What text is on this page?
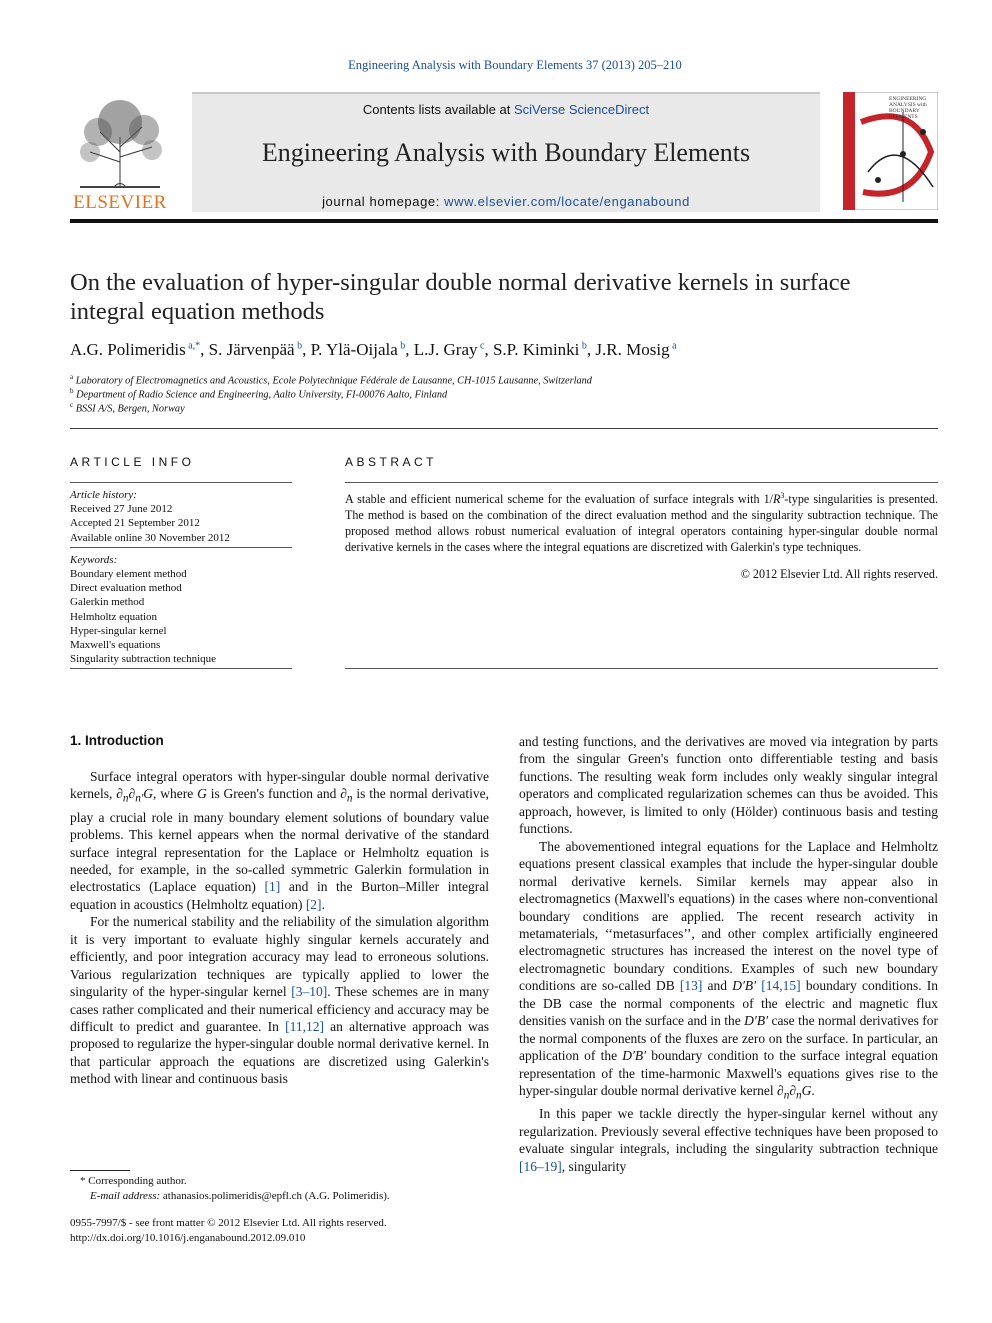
Engineering Analysis with Boundary Elements 37 (2013) 205–210
ELSEVIER
Contents lists available at SciVerse ScienceDirect
Engineering Analysis with Boundary Elements
journal homepage: www.elsevier.com/locate/enganabound
ENGINEERING
ANALYSIS with
BOUNDARY
ELEMENTS
On the evaluation of hyper-singular double normal derivative kernels in surface integral equation methods
A.G. Polimeridis $^{a,*}$, S. Järvenpää $^b$, P. Ylä-Oijala $^b$, L.J. Gray $^c$, S.P. Kiminki $^b$, J.R. Mosig $^a$
$^a$ Laboratory of Electromagnetics and Acoustics, Ecole Polytechnique Fédérale de Lausanne, CH-1015 Lausanne, Switzerland
$^b$ Department of Radio Science and Engineering, Aalto University, FI-00076 Aalto, Finland
$^c$ BSSI A/S, Bergen, Norway
ARTICLE INFO
Article history:
Received 27 June 2012
Accepted 21 September 2012
Available online 30 November 2012
Keywords:
Boundary element method
Direct evaluation method
Galerkin method
Helmholtz equation
Hyper-singular kernel
Maxwell's equations
Singularity subtraction technique
ABSTRACT
A stable and efficient numerical scheme for the evaluation of surface integrals with $1/R^3$-type singularities is presented. The method is based on the combination of the direct evaluation method and the singularity subtraction technique. The proposed method allows robust numerical evaluation of integral operators containing hyper-singular double normal derivative kernels in the cases where the integral equations are discretized with Galerkin's type techniques.
© 2012 Elsevier Ltd. All rights reserved.
1. Introduction

Surface integral operators with hyper-singular double normal derivative kernels, $\partial_n\partial_{n'}G$, where G is Green's function and $\partial_n$ is the normal derivative, play a crucial role in many boundary element solutions of boundary value problems. This kernel appears when the normal derivative of the standard surface integral representation for the Laplace or Helmholtz equation is needed, for example, in the so-called symmetric Galerkin formulation in electrostatics (Laplace equation) [1] and in the Burton–Miller integral equation in acoustics (Helmholtz equation) [2].

For the numerical stability and the reliability of the simulation algorithm it is very important to evaluate highly singular kernels accurately and efficiently, and poor integration accuracy may lead to erroneous solutions. Various regularization techniques are typically applied to lower the singularity of the hyper-singular kernel [3–10]. These schemes are in many cases rather complicated and their numerical efficiency and accuracy may be difficult to predict and guarantee. In [11,12] an alternative approach was proposed to regularize the hyper-singular double normal derivative kernel. In that particular approach the equations are discretized using Galerkin's method with linear and continuous basis

and testing functions, and the derivatives are moved via integration by parts from the singular Green's function onto differentiable testing and basis functions. The resulting weak form includes only weakly singular integral operators and complicated regularization schemes can thus be avoided. This approach, however, is limited to only (Hölder) continuous basis and testing functions.

The abovementioned integral equations for the Laplace and Helmholtz equations present classical examples that include the hyper-singular double normal derivative kernels. Similar kernels may appear also in electromagnetics (Maxwell's equations) in the cases where non-conventional boundary conditions are applied. The recent research activity in metamaterials, ‘‘metasurfaces’’, and other complex artificially engineered electromagnetic structures has increased the interest on the novel type of electromagnetic boundary conditions. Examples of such new boundary conditions are so-called DB [13] and D′B′ [14,15] boundary conditions. In the DB case the normal components of the electric and magnetic flux densities vanish on the surface and in the D′B′ case the normal derivatives for the normal components of the fluxes are zero on the surface. In particular, an application of the D′B′ boundary condition to the surface integral equation representation of the time-harmonic Maxwell's equations gives rise to the hyper-singular double normal derivative kernel $\partial_n\partial_nG$.

In this paper we tackle directly the hyper-singular kernel without any regularization. Previously several effective techniques have been proposed to evaluate singular integrals, including the singularity subtraction technique [16–19], singularity

* Corresponding author.
E-mail address: athanasios.polimeridis@epfl.ch (A.G. Polimeridis).
0955-7997/$ - see front matter © 2012 Elsevier Ltd. All rights reserved.
http://dx.doi.org/10.1016/j.enganabound.2012.09.010
